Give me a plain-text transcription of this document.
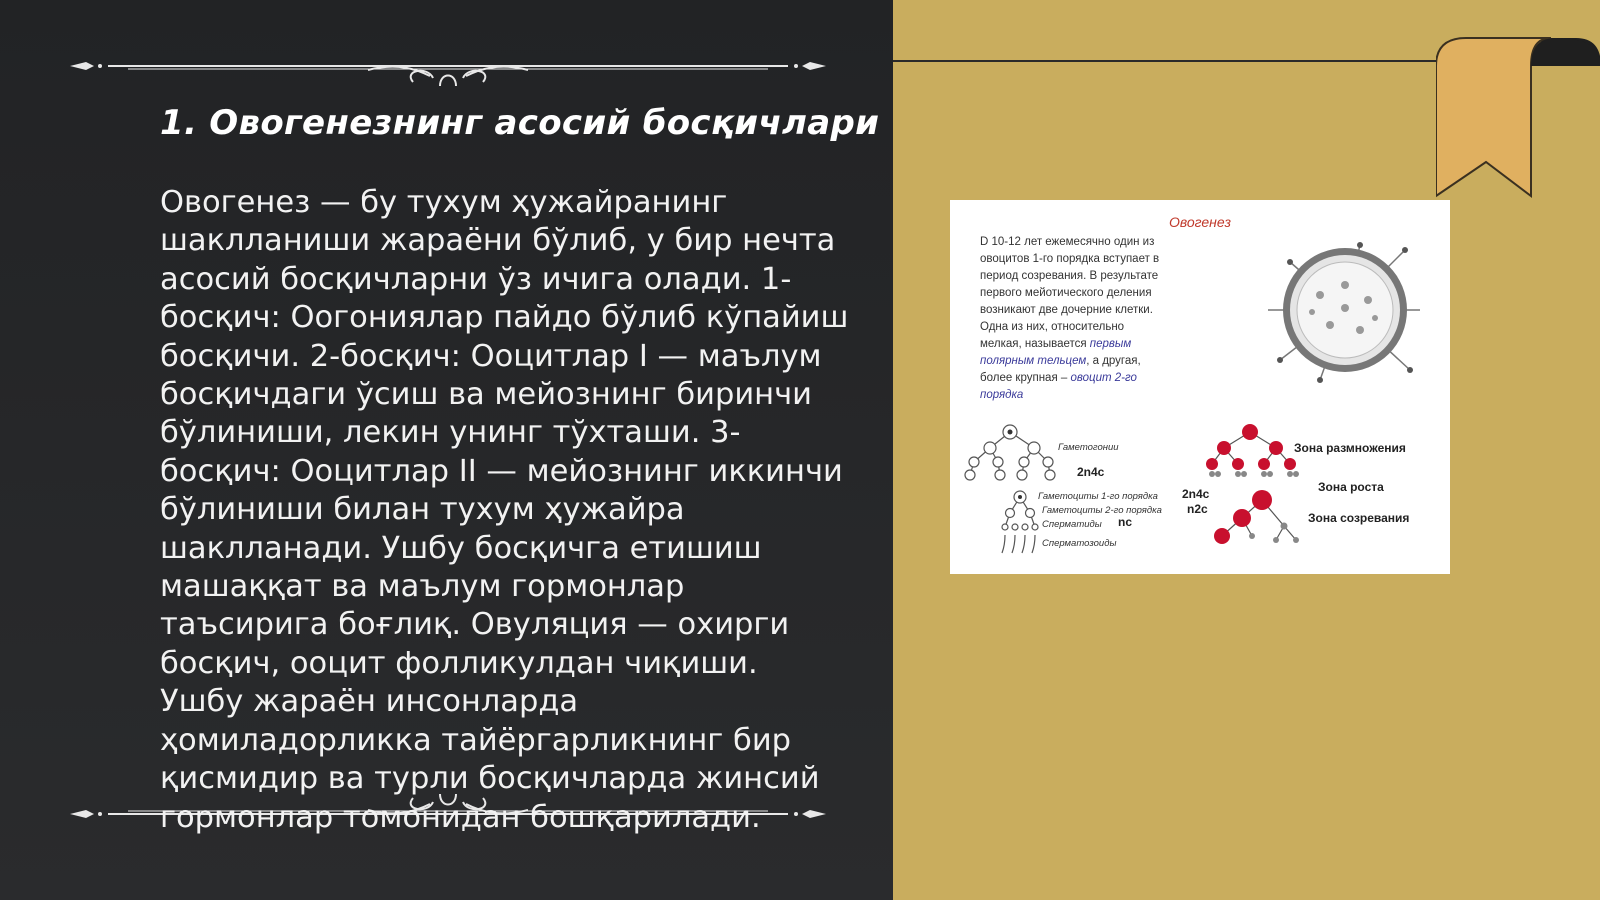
1. Овогенезнинг асосий босқичлари
Овогенез — бу тухум ҳужайранинг шаклланиши жараёни бўлиб, у бир нечта асосий босқичларни ўз ичига олади. 1-босқич: Оогониялар пайдо бўлиб кўпайиш босқичи. 2-босқич: Ооцитлар I — маълум босқичдаги ўсиш ва мейознинг биринчи бўлиниши, лекин унинг тўхташи. 3-босқич: Ооцитлар II — мейознинг иккинчи бўлиниши билан тухум ҳужайра шаклланади. Ушбу босқичга етишиш машаққат ва маълум гормонлар таъсирига боғлиқ. Овуляция — охирги босқич, ооцит фолликулдан чиқиши. Ушбу жараён инсонларда ҳомиладорликка тайёргарликнинг бир қисмидир ва турли босқичларда жинсий гормонлар томонидан бошқарилади.
Овогенез
D 10-12 лет ежемесячно один из
овоцитов 1-го порядка вступает в
период созревания. В результате
первого мейотического деления
возникают две дочерние клетки.
Одна из них, относительно
мелкая, называется первым
полярным тельцем, а другая,
более крупная – овоцит 2-го
порядка
Гаметогонии
Гаметоциты 1-го порядка
Гаметоциты 2-го порядка
Сперматиды
Сперматозоиды
2n4c
2n4c
n2c
nc
Зона размножения
Зона роста
Зона созревания
